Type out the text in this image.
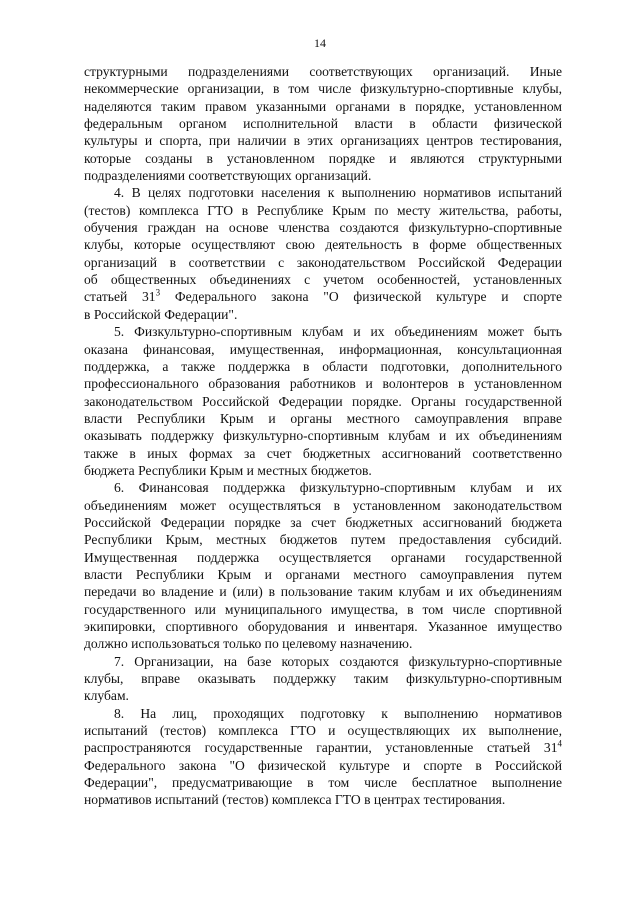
14
структурными подразделениями соответствующих организаций. Иные
некоммерческие организации, в том числе физкультурно-спортивные клубы,
наделяются таким правом указанными органами в порядке, установленном
федеральным органом исполнительной власти в области физической
культуры и спорта, при наличии в этих организациях центров тестирования,
которые созданы в установленном порядке и являются структурными
подразделениями соответствующих организаций.
4. В целях подготовки населения к выполнению нормативов испытаний
(тестов) комплекса ГТО в Республике Крым по месту жительства, работы,
обучения граждан на основе членства создаются физкультурно-спортивные
клубы, которые осуществляют свою деятельность в форме общественных
организаций в соответствии с законодательством Российской Федерации
об общественных объединениях с учетом особенностей, установленных
статьей $31^3$ Федерального закона "О физической культуре и спорте
в Российской Федерации".
5. Физкультурно-спортивным клубам и их объединениям может быть
оказана финансовая, имущественная, информационная, консультационная
поддержка, а также поддержка в области подготовки, дополнительного
профессионального образования работников и волонтеров в установленном
законодательством Российской Федерации порядке. Органы государственной
власти Республики Крым и органы местного самоуправления вправе
оказывать поддержку физкультурно-спортивным клубам и их объединениям
также в иных формах за счет бюджетных ассигнований соответственно
бюджета Республики Крым и местных бюджетов.
6. Финансовая поддержка физкультурно-спортивным клубам и их
объединениям может осуществляться в установленном законодательством
Российской Федерации порядке за счет бюджетных ассигнований бюджета
Республики Крым, местных бюджетов путем предоставления субсидий.
Имущественная поддержка осуществляется органами государственной
власти Республики Крым и органами местного самоуправления путем
передачи во владение и (или) в пользование таким клубам и их объединениям
государственного или муниципального имущества, в том числе спортивной
экипировки, спортивного оборудования и инвентаря. Указанное имущество
должно использоваться только по целевому назначению.
7. Организации, на базе которых создаются физкультурно-спортивные
клубы, вправе оказывать поддержку таким физкультурно-спортивным
клубам.
8. На лиц, проходящих подготовку к выполнению нормативов
испытаний (тестов) комплекса ГТО и осуществляющих их выполнение,
распространяются государственные гарантии, установленные статьей $31^4$
Федерального закона "О физической культуре и спорте в Российской
Федерации", предусматривающие в том числе бесплатное выполнение
нормативов испытаний (тестов) комплекса ГТО в центрах тестирования.
